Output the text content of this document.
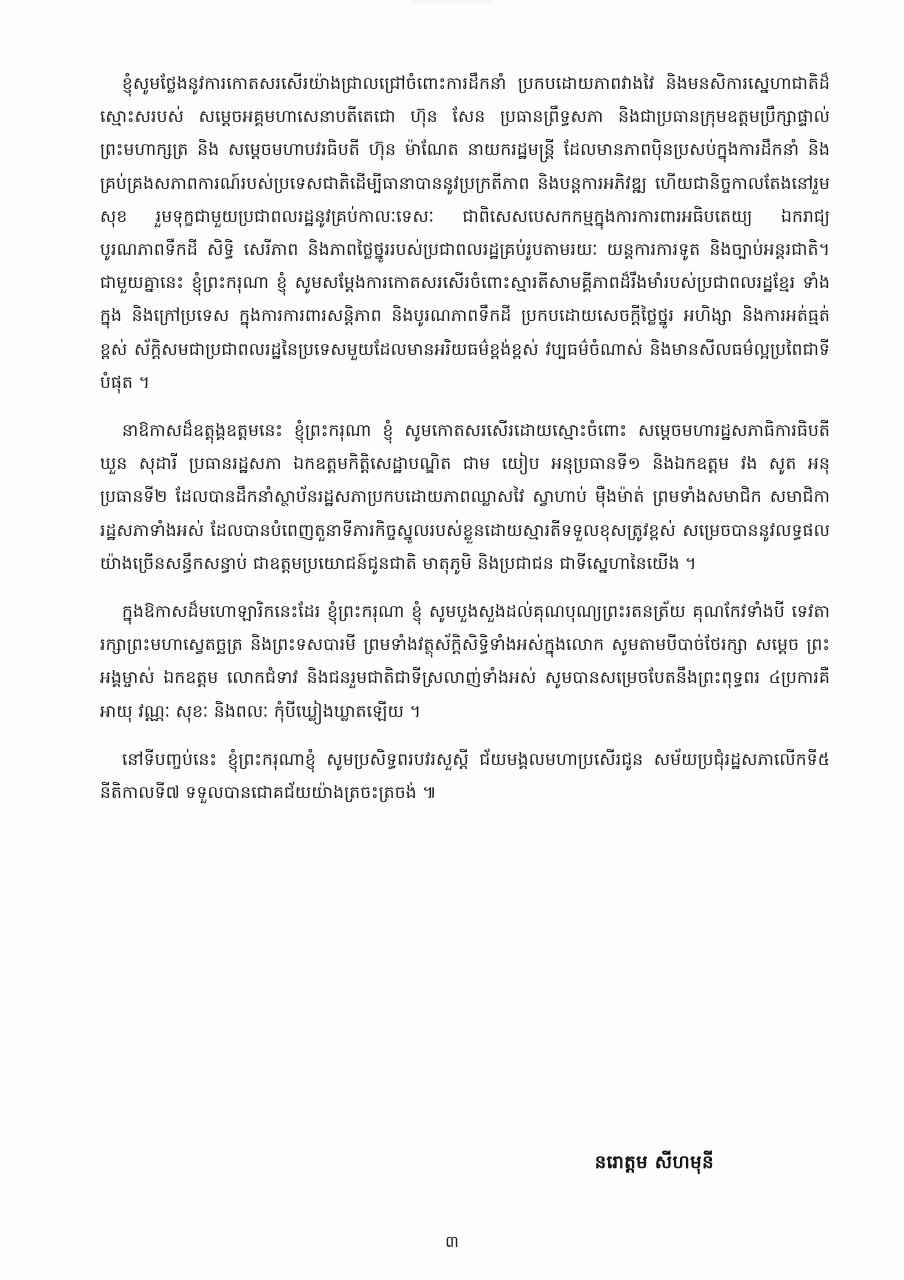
ខ្ញុំសូមថ្លែងនូវការកោតសរសើរយ៉ាងជ្រាលជ្រៅចំពោះការដឹកនាំ ប្រកបដោយភាពវាងវៃ និងមនសិការស្នេហាជាតិដ៏ស្មោះសរបស់ សម្តេចអគ្គមហាសេនាបតីតេជោ ហ៊ុន សែន ប្រធានព្រឹទ្ធសភា និងជាប្រធានក្រុមឧត្តមប្រឹក្សាផ្ទាល់ព្រះមហាក្សត្រ និង សម្តេចមហាបវរធិបតី ហ៊ុន ម៉ាណែត នាយករដ្ឋមន្ត្រី ដែលមានភាពប៉ិនប្រសប់ក្នុងការដឹកនាំ និងគ្រប់គ្រងសភាពការណ៍របស់ប្រទេសជាតិដើម្បីធានាបាននូវប្រក្រតីភាព និងបន្តការអភិវឌ្ឍ ហើយជានិច្ចកាលតែងនៅរួមសុខ រួមទុក្ខជាមួយប្រជាពលរដ្ឋនូវគ្រប់កាលៈទេសៈ ជាពិសេសបេសកកម្មក្នុងការការពារអធិបតេយ្យ ឯករាជ្យ បូរណភាពទឹកដី សិទ្ធិ សេរីភាព និងភាពថ្លៃថ្នូររបស់ប្រជាពលរដ្ឋគ្រប់រូបតាមរយៈ យន្តការការទូត និងច្បាប់អន្តរជាតិ។ ជាមួយគ្នានេះ ខ្ញុំព្រះករុណា ខ្ញុំ សូមសម្តែងការកោតសរសើរចំពោះស្មារតីសាមគ្គីភាពដ៏រឹងមាំរបស់ប្រជាពលរដ្ឋខ្មែរ ទាំងក្នុង និងក្រៅប្រទេស ក្នុងការការពារសន្តិភាព និងបូរណភាពទឹកដី ប្រកបដោយសេចក្តីថ្លៃថ្នូរ អហិង្សា និងការអត់ធ្មត់ខ្ពស់ ស័ក្តិសមជាប្រជាពលរដ្ឋនៃប្រទេសមួយដែលមានអរិយធម៌ខ្ពង់ខ្ពស់ វប្បធម៌ចំណាស់ និងមានសីលធម៌ល្អប្រពៃជាទីបំផុត ។

នាឱកាសដ៏ឧត្តុង្គឧត្តមនេះ ខ្ញុំព្រះករុណា ខ្ញុំ សូមកោតសរសើរដោយស្មោះចំពោះ សម្តេចមហារដ្ឋសភាធិការធិបតី ឃួន សុដារី ប្រធានរដ្ឋសភា ឯកឧត្តមកិត្តិសេដ្ឋាបណ្ឌិត ជាម យៀប អនុប្រធានទី១ និងឯកឧត្តម វង សូត អនុប្រធានទី២ ដែលបានដឹកនាំស្ថាប័នរដ្ឋសភាប្រកបដោយភាពឈ្លាសវៃ ស្វាហាប់ ម៉ឺងម៉ាត់ ព្រមទាំងសមាជិក សមាជិការដ្ឋសភាទាំងអស់ ដែលបានបំពេញតួនាទីភារកិច្ចស្នូលរបស់ខ្លួនដោយស្មារតីទទួលខុសត្រូវខ្ពស់ សម្រេចបាននូវលទ្ធផលយ៉ាងច្រើនសន្ធឹកសន្ធាប់ ជាឧត្តមប្រយោជន៍ជូនជាតិ មាតុភូមិ និងប្រជាជន ជាទីស្នេហានៃយើង ។

ក្នុងឱកាសដ៏មហោឡារិកនេះដែរ ខ្ញុំព្រះករុណា ខ្ញុំ សូមបួងសួងដល់គុណបុណ្យព្រះរតនត្រ័យ គុណកែវទាំងបី ទេវតារក្សាព្រះមហាស្វេតច្ឆត្រ និងព្រះទសបារមី ព្រមទាំងវត្ថុស័ក្តិសិទ្ធិទាំងអស់ក្នុងលោក សូមតាមបីបាច់ថែរក្សា សម្តេច ព្រះអង្គម្ចាស់ ឯកឧត្តម លោកជំទាវ និងជនរួមជាតិជាទីស្រលាញ់ទាំងអស់ សូមបានសម្រេចបែតនឹងព្រះពុទ្ធពរ ៤ប្រការគឺ អាយុ វណ្ណៈ សុខៈ និងពលៈ កុំបីឃ្លៀងឃ្លាតឡើយ ។

នៅទីបញ្ចប់នេះ ខ្ញុំព្រះករុណាខ្ញុំ សូមប្រសិទ្ធពរបវរសួស្តី ជ័យមង្គលមហាប្រសើរជូន សម័យប្រជុំរដ្ឋសភាលើកទី៥ នីតិកាលទី៧ ទទួលបានជោគជ័យយ៉ាងត្រចះត្រចង់ ៕

នរោត្តម សីហមុនី
៣
